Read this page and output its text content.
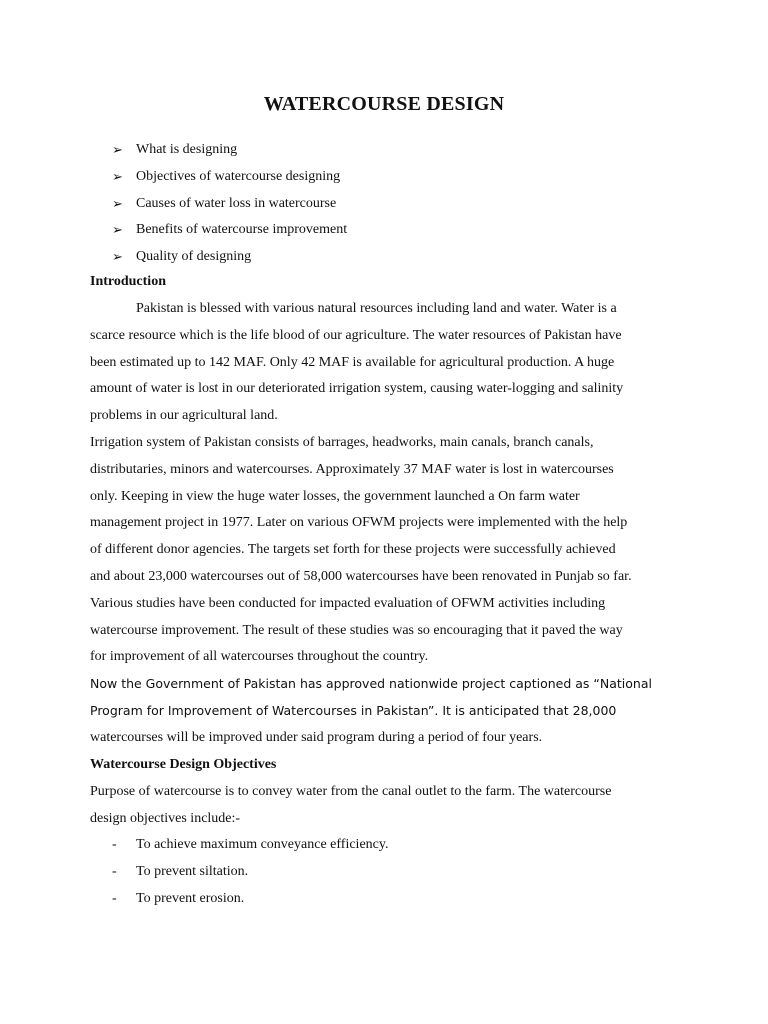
WATERCOURSE DESIGN
➢ What is designing
➢ Objectives of watercourse designing
➢ Causes of water loss in watercourse
➢ Benefits of watercourse improvement
➢ Quality of designing
Introduction
Pakistan is blessed with various natural resources including land and water. Water is a
scarce resource which is the life blood of our agriculture. The water resources of Pakistan have
been estimated up to 142 MAF. Only 42 MAF is available for agricultural production. A huge
amount of water is lost in our deteriorated irrigation system, causing water-logging and salinity
problems in our agricultural land.
Irrigation system of Pakistan consists of barrages, headworks, main canals, branch canals,
distributaries, minors and watercourses. Approximately 37 MAF water is lost in watercourses
only. Keeping in view the huge water losses, the government launched a On farm water
management project in 1977. Later on various OFWM projects were implemented with the help
of different donor agencies. The targets set forth for these projects were successfully achieved
and about 23,000 watercourses out of 58,000 watercourses have been renovated in Punjab so far.
Various studies have been conducted for impacted evaluation of OFWM activities including
watercourse improvement. The result of these studies was so encouraging that it paved the way
for improvement of all watercourses throughout the country.
Now the Government of Pakistan has approved nationwide project captioned as “National
Program for Improvement of Watercourses in Pakistan”. It is anticipated that 28,000
watercourses will be improved under said program during a period of four years.
Watercourse Design Objectives
Purpose of watercourse is to convey water from the canal outlet to the farm. The watercourse
design objectives include:-
-	To achieve maximum conveyance efficiency.
-	To prevent siltation.
-	To prevent erosion.
